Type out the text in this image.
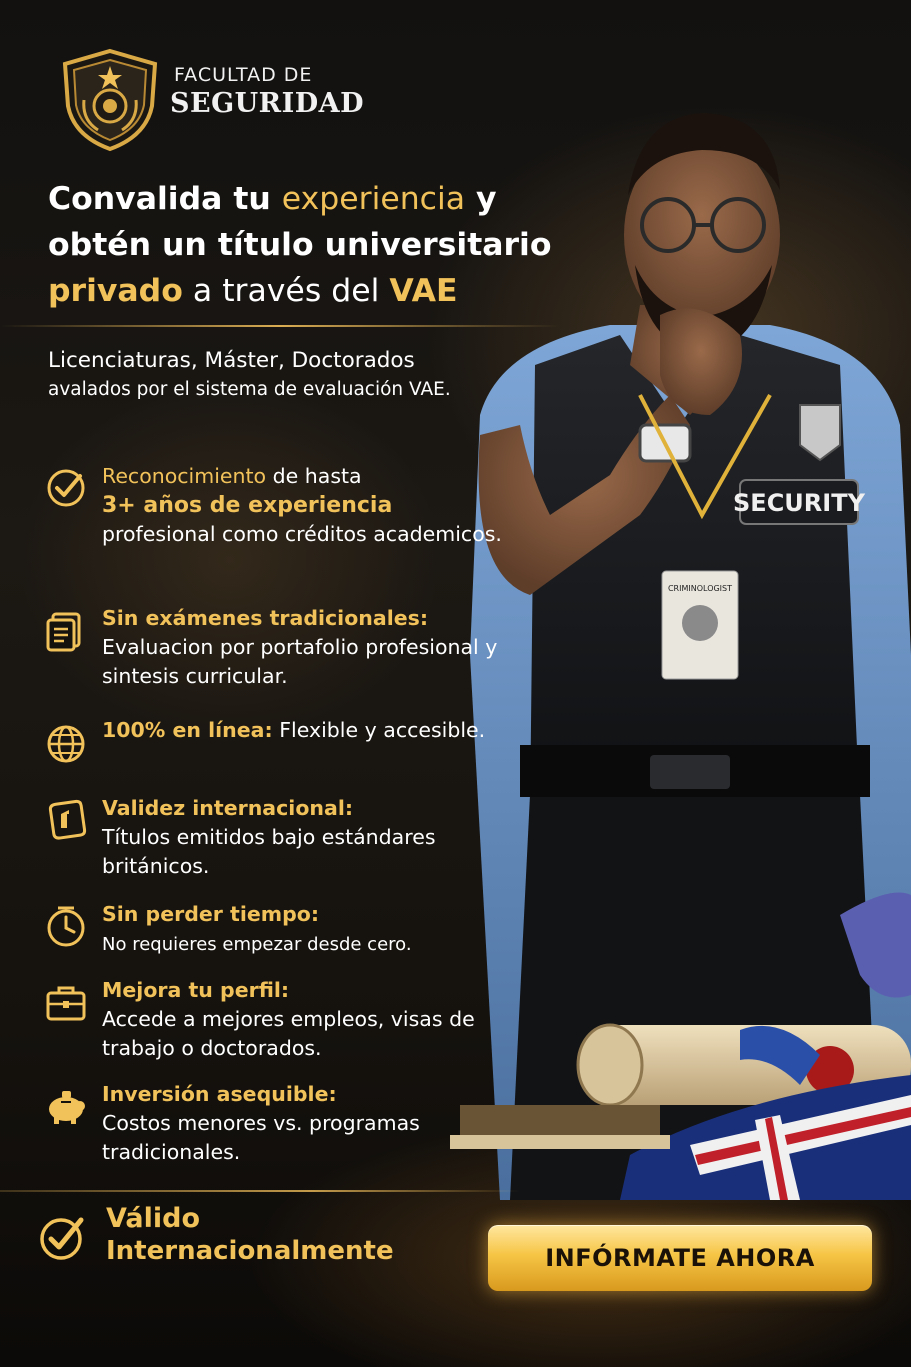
SECURITY
CRIMINOLOGIST
FACULTAD DE
SEGURIDAD
Convalida tu experiencia y
obtén un título universitario
privado a través del VAE
Licenciaturas, Máster, Doctorados
avalados por el sistema de evaluación VAE.
Reconocimiento de hasta
3+ años de experiencia
profesional como créditos academicos.
Sin exámenes tradicionales:
Evaluacion por portafolio profesional y sintesis curricular.
100% en línea: Flexible y accesible.
Validez internacional:
Títulos emitidos bajo estándares británicos.
Sin perder tiempo:
No requieres empezar desde cero.
Mejora tu perfil:
Accede a mejores empleos, visas de trabajo o doctorados.
Inversión asequible:
Costos menores vs. programas tradicionales.
Válido
Internacionalmente	INFÓRMATE AHORA
